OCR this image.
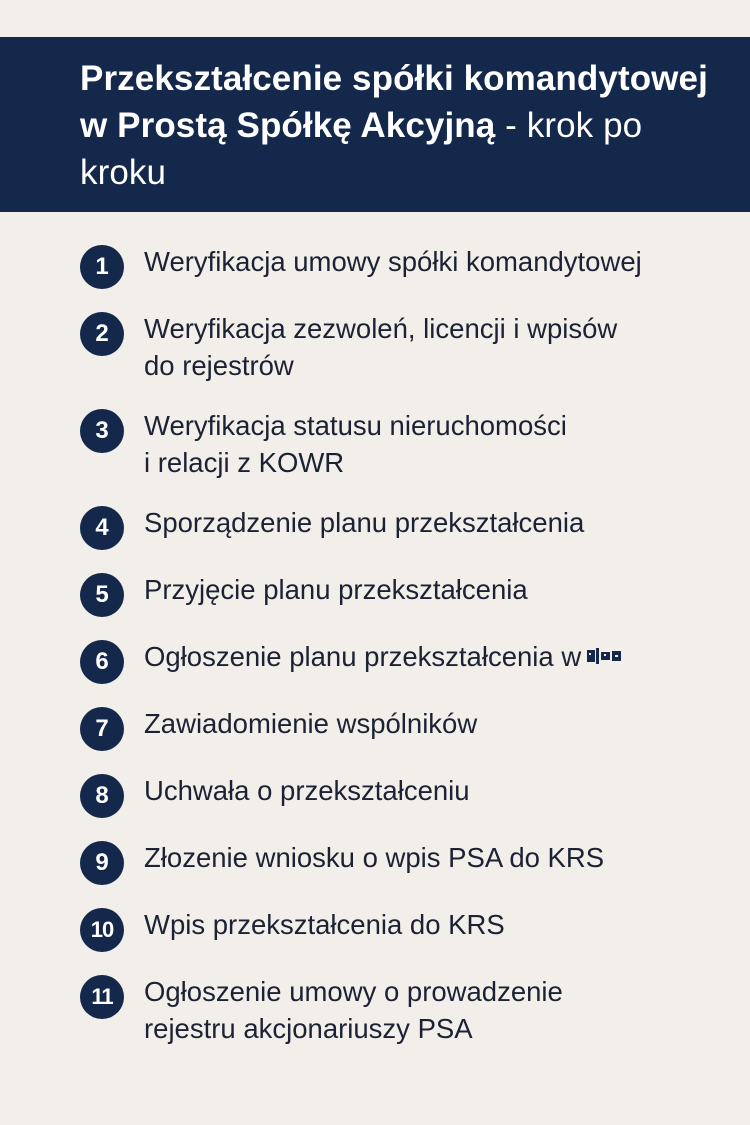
Przekształcenie spółki komandytowej w Prostą Spółkę Akcyjną - krok po kroku
1	Weryfikacja umowy spółki komandytowej
2	Weryfikacja zezwoleń, licencji i wpisów
do rejestrów
3	Weryfikacja statusu nieruchomości
i relacji z KOWR
4	Sporządzenie planu przekształcenia
5	Przyjęcie planu przekształcenia
6	Ogłoszenie planu przekształcenia w
7	Zawiadomienie wspólników
8	Uchwała o przekształceniu
9	Złozenie wniosku o wpis PSA do KRS
10	Wpis przekształcenia do KRS
11	Ogłoszenie umowy o prowadzenie
rejestru akcjonariuszy PSA
